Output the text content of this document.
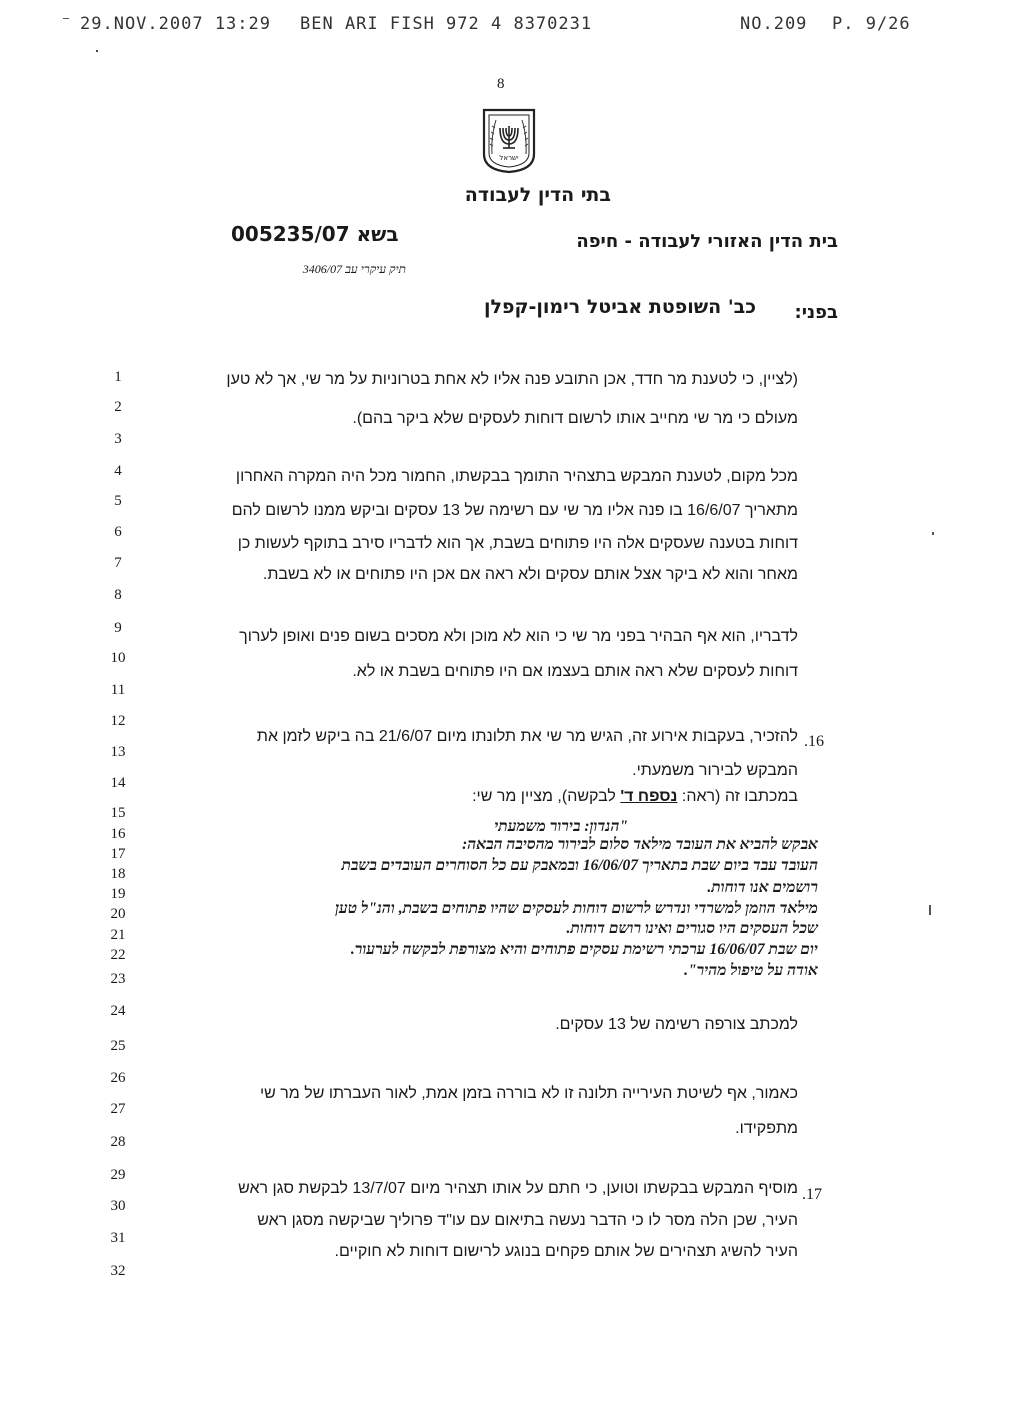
29.NOV.2007 13:29 BEN ARI FISH 972 4 8370231	NO.209 P. 9/26
8
ישראל
בתי הדין לעבודה
בית הדין האזורי לעבודה - חיפה
בשא 005235/07
תיק עיקרי עב 3406/07
בפני:
כב' השופטת אביטל רימון-קפלן
1
2
3
4
5
6
7
8
9
10
11
12
13
14
15
16
17
18
19
20
21
22
23
24
25
26
27
28
29
30
31
32
(לציין, כי לטענת מר חדד, אכן התובע פנה אליו לא אחת בטרוניות על מר שי, אך לא טען
מעולם כי מר שי מחייב אותו לרשום דוחות לעסקים שלא ביקר בהם).
מכל מקום, לטענת המבקש בתצהיר התומך בבקשתו, החמור מכל היה המקרה האחרון
מתאריך 16/6/07 בו פנה אליו מר שי עם רשימה של 13 עסקים וביקש ממנו לרשום להם
דוחות בטענה שעסקים אלה היו פתוחים בשבת, אך הוא לדבריו סירב בתוקף לעשות כן
מאחר והוא לא ביקר אצל אותם עסקים ולא ראה אם אכן היו פתוחים או לא בשבת.
לדבריו, הוא אף הבהיר בפני מר שי כי הוא לא מוכן ולא מסכים בשום פנים ואופן לערוך
דוחות לעסקים שלא ראה אותם בעצמו אם היו פתוחים בשבת או לא.
.16
להזכיר, בעקבות אירוע זה, הגיש מר שי את תלונתו מיום 21/6/07 בה ביקש לזמן את
המבקש לבירור משמעתי.
במכתבו זה (ראה: נספח ד' לבקשה), מציין מר שי:
"הנדון: בירור משמעתי
אבקש להביא את העובד מילאד סלום לבירור מהסיבה הבאה:
העובד עבד ביום שבת בתאריך 16/06/07 ובמאבק עם כל הסוחרים העובדים בשבת
רושמים אנו דוחות.
מילאד הוזמן למשרדי ונדרש לרשום דוחות לעסקים שהיו פתוחים בשבת, והנ"ל טען
שכל העסקים היו סגורים ואינו רושם דוחות.
יום שבת 16/06/07 ערכתי רשימת עסקים פתוחים והיא מצורפת לבקשה לערעור.
אודה על טיפול מהיר".
למכתב צורפה רשימה של 13 עסקים.
כאמור, אף לשיטת העירייה תלונה זו לא בוררה בזמן אמת, לאור העברתו של מר שי
מתפקידו.
.17
מוסיף המבקש בבקשתו וטוען, כי חתם על אותו תצהיר מיום 13/7/07 לבקשת סגן ראש
העיר, שכן הלה מסר לו כי הדבר נעשה בתיאום עם עו"ד פרוליך שביקשה מסגן ראש
העיר להשיג תצהירים של אותם פקחים בנוגע לרישום דוחות לא חוקיים.
